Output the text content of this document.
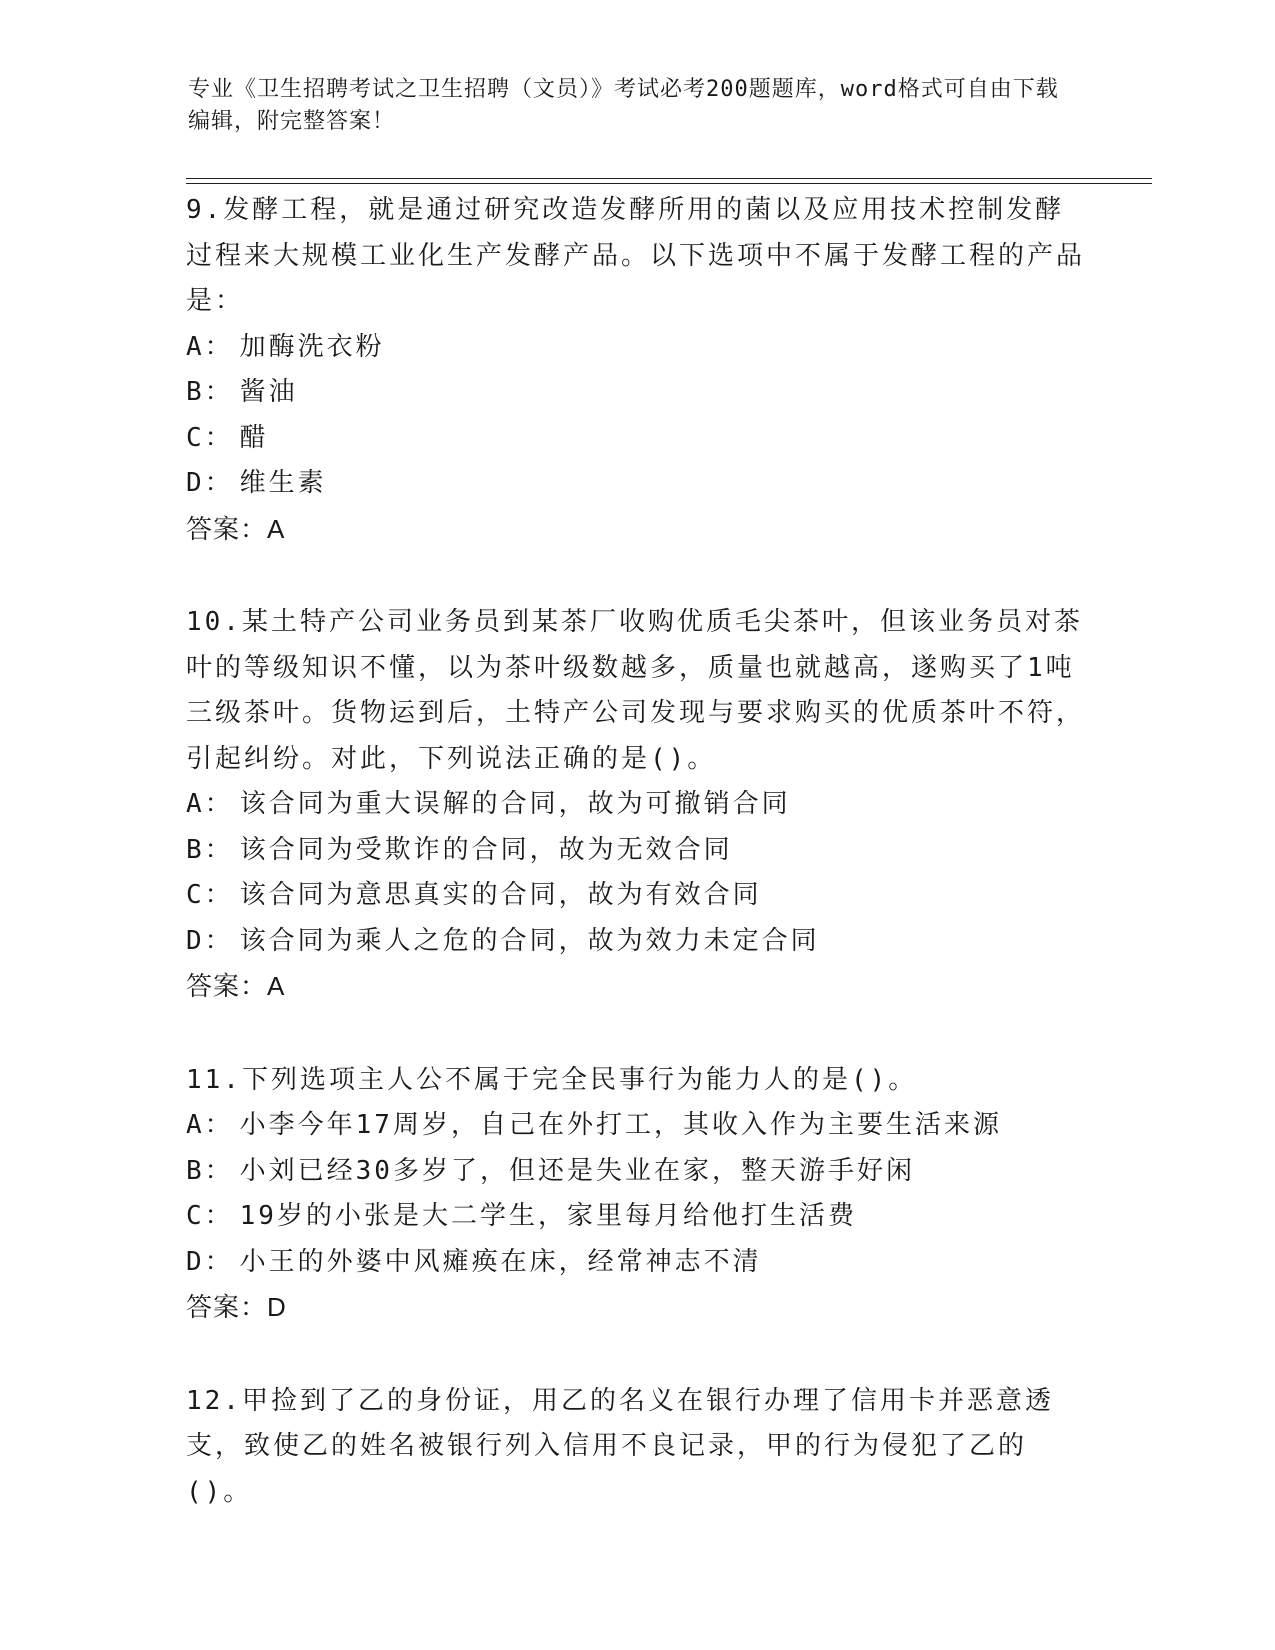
专业《卫生招聘考试之卫生招聘（文员）》考试必考200题题库，word格式可自由下载编辑，附完整答案！
9.发酵工程，就是通过研究改造发酵所用的菌以及应用技术控制发酵过程来大规模工业化生产发酵产品。以下选项中不属于发酵工程的产品是：
A： 加酶洗衣粉
B： 酱油
C： 醋
D： 维生素
答案：A
10.某土特产公司业务员到某茶厂收购优质毛尖茶叶，但该业务员对茶叶的等级知识不懂，以为茶叶级数越多，质量也就越高，遂购买了1吨三级茶叶。货物运到后，土特产公司发现与要求购买的优质茶叶不符，引起纠纷。对此，下列说法正确的是()。
A： 该合同为重大误解的合同，故为可撤销合同
B： 该合同为受欺诈的合同，故为无效合同
C： 该合同为意思真实的合同，故为有效合同
D： 该合同为乘人之危的合同，故为效力未定合同
答案：A
11.下列选项主人公不属于完全民事行为能力人的是()。
A： 小李今年17周岁，自己在外打工，其收入作为主要生活来源
B： 小刘已经30多岁了，但还是失业在家，整天游手好闲
C： 19岁的小张是大二学生，家里每月给他打生活费
D： 小王的外婆中风瘫痪在床，经常神志不清
答案：D
12.甲捡到了乙的身份证，用乙的名义在银行办理了信用卡并恶意透支，致使乙的姓名被银行列入信用不良记录，甲的行为侵犯了乙的()。
